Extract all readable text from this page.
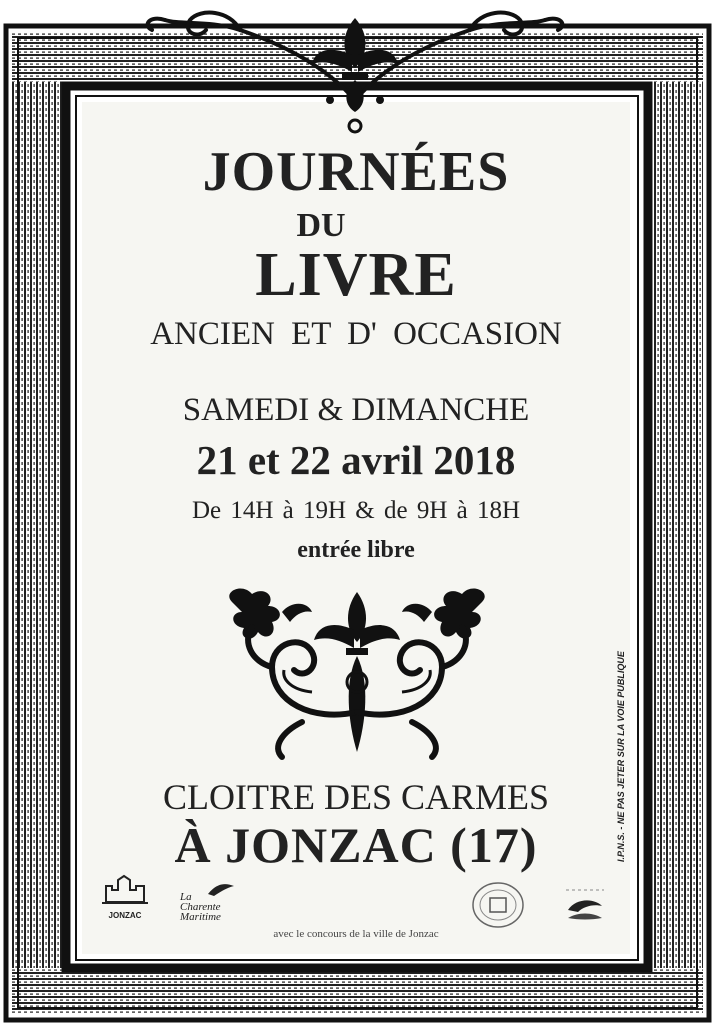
JOURNÉES
DU
LIVRE
ANCIEN ET D' OCCASION
SAMEDI & DIMANCHE
21 et 22 avril 2018
De 14H à 19H & de 9H à 18H
entrée libre
CLOITRE DES CARMES
À JONZAC (17)	I.P.N.S. - NE PAS JETER SUR LA VOIE PUBLIQUE
JONZAC
La
Charente
Maritime
avec le concours de la ville de Jonzac
